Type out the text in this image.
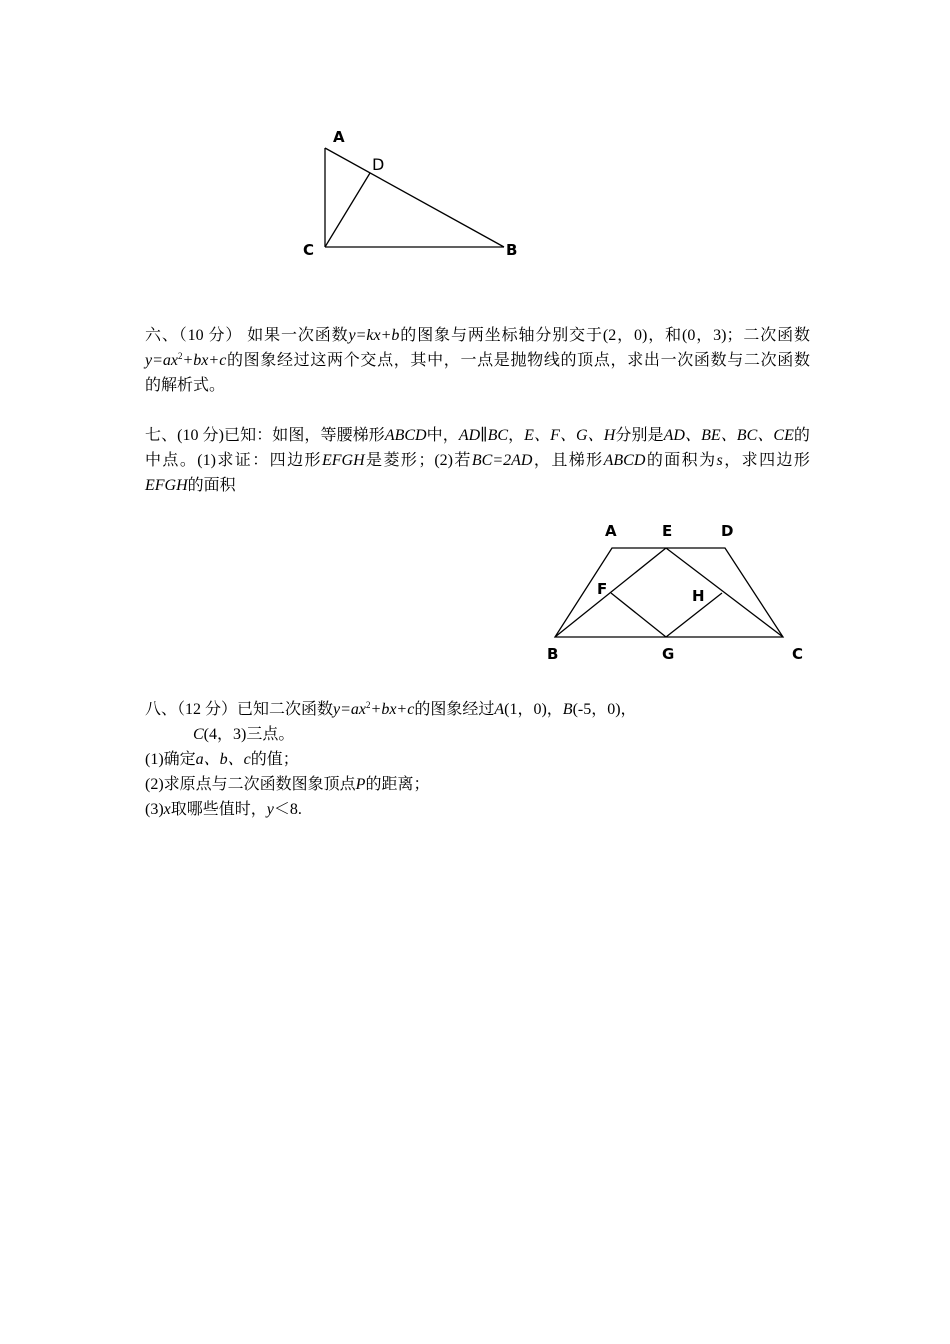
A
D
C	B
六、（10 分） 如果一次函数y=kx+b的图象与两坐标轴分别交于(2，0)，和(0，3)；二次函数
$y=ax^2+bx+c$的图象经过这两个交点，其中，一点是抛物线的顶点，求出一次函数与二次函数
的解析式。
七、(10 分)已知：如图，等腰梯形ABCD中，AD∥BC，E、F、G、H分别是AD、BE、BC、CE的
中点。(1)求证：四边形EFGH是菱形；(2)若BC=2AD，且梯形ABCD的面积为s，求四边形
EFGH的面积
A	E	D
F	H
B	G	C
八、（12 分）已知二次函数$y=ax^2+bx+c$的图象经过A(1，0)，B(-5，0)，
C(4，3)三点。
(1)确定a、b、c的值；
(2)求原点与二次函数图象顶点P的距离；
(3)x取哪些值时，y＜8.
